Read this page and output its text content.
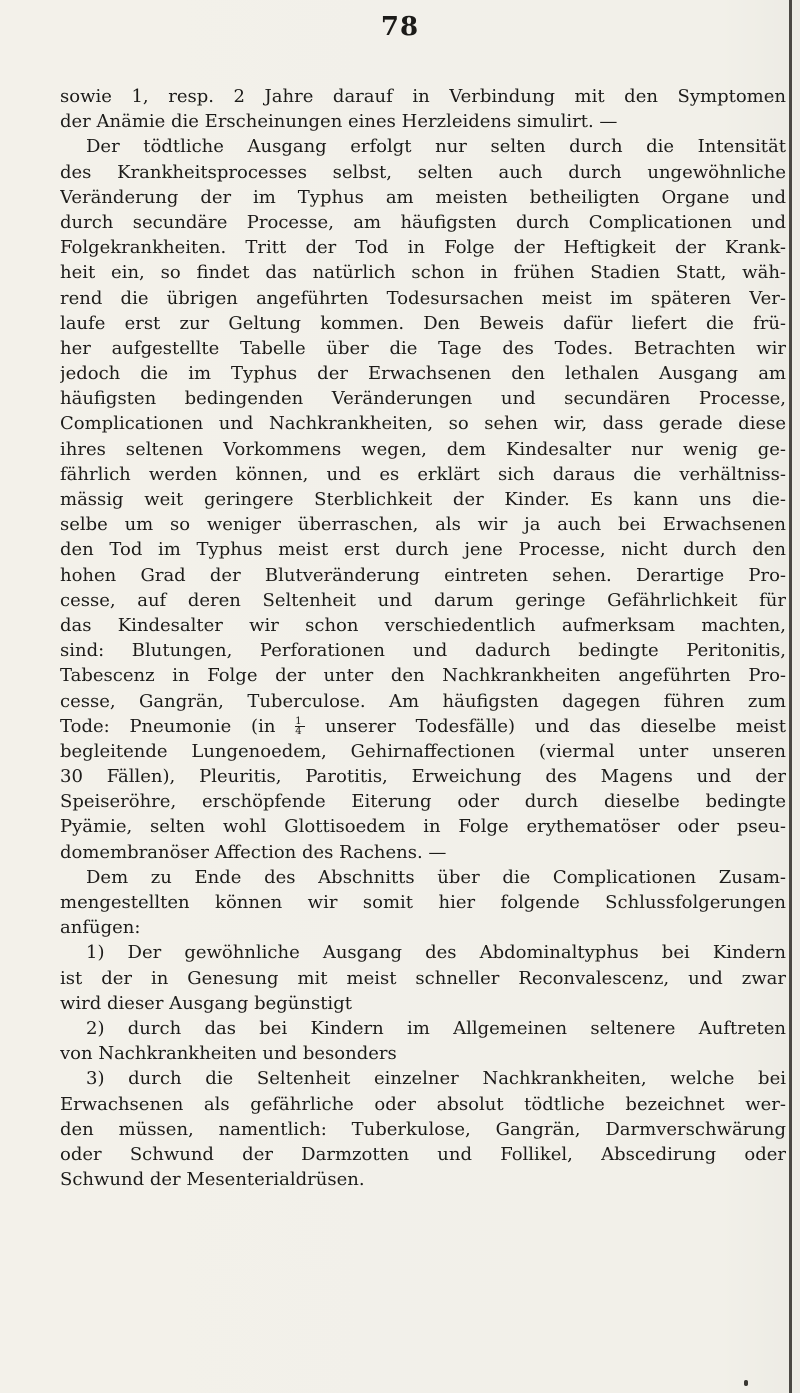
78
sowie 1, resp. 2 Jahre darauf in Verbindung mit den Symptomen
der Anämie die Erscheinungen eines Herzleidens simulirt. —
Der tödtliche Ausgang erfolgt nur selten durch die Intensität
des Krankheitsprocesses selbst, selten auch durch ungewöhnliche
Veränderung der im Typhus am meisten betheiligten Organe und
durch secundäre Processe, am häufigsten durch Complicationen und
Folgekrankheiten. Tritt der Tod in Folge der Heftigkeit der Krank-
heit ein, so findet das natürlich schon in frühen Stadien Statt, wäh-
rend die übrigen angeführten Todesursachen meist im späteren Ver-
laufe erst zur Geltung kommen. Den Beweis dafür liefert die frü-
her aufgestellte Tabelle über die Tage des Todes. Betrachten wir
jedoch die im Typhus der Erwachsenen den lethalen Ausgang am
häufigsten bedingenden Veränderungen und secundären Processe,
Complicationen und Nachkrankheiten, so sehen wir, dass gerade diese
ihres seltenen Vorkommens wegen, dem Kindesalter nur wenig ge-
fährlich werden können, und es erklärt sich daraus die verhältniss-
mässig weit geringere Sterblichkeit der Kinder. Es kann uns die-
selbe um so weniger überraschen, als wir ja auch bei Erwachsenen
den Tod im Typhus meist erst durch jene Processe, nicht durch den
hohen Grad der Blutveränderung eintreten sehen. Derartige Pro-
cesse, auf deren Seltenheit und darum geringe Gefährlichkeit für
das Kindesalter wir schon verschiedentlich aufmerksam machten,
sind: Blutungen, Perforationen und dadurch bedingte Peritonitis,
Tabescenz in Folge der unter den Nachkrankheiten angeführten Pro-
cesse, Gangrän, Tuberculose. Am häufigsten dagegen führen zum
Tode: Pneumonie ($in \frac{1}{4}$ unserer Todesfälle) und das dieselbe meist
begleitende Lungenoedem, Gehirnaffectionen (viermal unter unseren
30 Fällen), Pleuritis, Parotitis, Erweichung des Magens und der
Speiseröhre, erschöpfende Eiterung oder durch dieselbe bedingte
Pyämie, selten wohl Glottisoedem in Folge erythematöser oder pseu-
domembranöser Affection des Rachens. —
Dem zu Ende des Abschnitts über die Complicationen Zusam-
mengestellten können wir somit hier folgende Schlussfolgerungen
anfügen:
1) Der gewöhnliche Ausgang des Abdominaltyphus bei Kindern
ist der in Genesung mit meist schneller Reconvalescenz, und zwar
wird dieser Ausgang begünstigt
2) durch das bei Kindern im Allgemeinen seltenere Auftreten
von Nachkrankheiten und besonders
3) durch die Seltenheit einzelner Nachkrankheiten, welche bei
Erwachsenen als gefährliche oder absolut tödtliche bezeichnet wer-
den müssen, namentlich: Tuberkulose, Gangrän, Darmverschwärung
oder Schwund der Darmzotten und Follikel, Abscedirung oder
Schwund der Mesenterialdrüsen.
